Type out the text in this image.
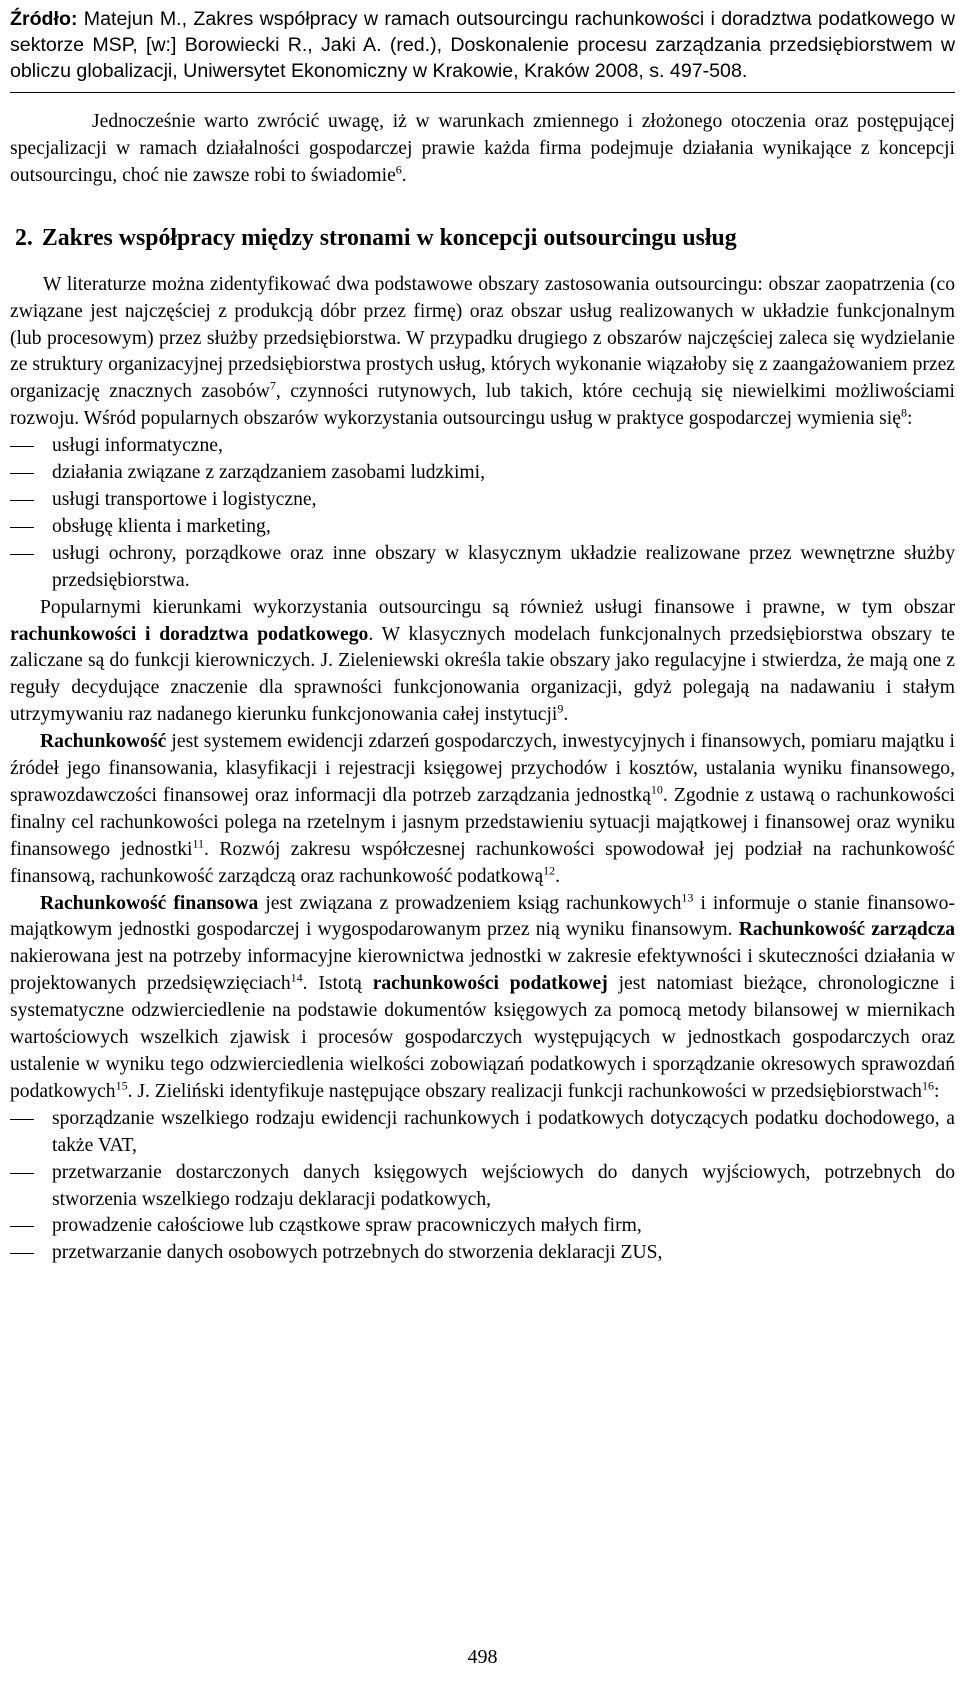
Źródło: Matejun M., Zakres współpracy w ramach outsourcingu rachunkowości i doradztwa podatkowego w sektorze MSP, [w:] Borowiecki R., Jaki A. (red.), Doskonalenie procesu zarządzania przedsiębiorstwem w obliczu globalizacji, Uniwersytet Ekonomiczny w Krakowie, Kraków 2008, s. 497-508.

Jednocześnie warto zwrócić uwagę, iż w warunkach zmiennego i złożonego otoczenia oraz postępującej specjalizacji w ramach działalności gospodarczej prawie każda firma podejmuje działania wynikające z koncepcji outsourcingu, choć nie zawsze robi to świadomie$^6$.

2. Zakres współpracy między stronami w koncepcji outsourcingu usług

W literaturze można zidentyfikować dwa podstawowe obszary zastosowania outsourcingu: obszar zaopatrzenia (co związane jest najczęściej z produkcją dóbr przez firmę) oraz obszar usług realizowanych w układzie funkcjonalnym (lub procesowym) przez służby przedsiębiorstwa. W przypadku drugiego z obszarów najczęściej zaleca się wydzielanie ze struktury organizacyjnej przedsiębiorstwa prostych usług, których wykonanie wiązałoby się z zaangażowaniem przez organizację znacznych zasobów$^7$, czynności rutynowych, lub takich, które cechują się niewielkimi możliwościami rozwoju. Wśród popularnych obszarów wykorzystania outsourcingu usług w praktyce gospodarczej wymienia się$^8$:

usługi informatyczne,
działania związane z zarządzaniem zasobami ludzkimi,
usługi transportowe i logistyczne,
obsługę klienta i marketing,
usługi ochrony, porządkowe oraz inne obszary w klasycznym układzie realizowane przez wewnętrzne służby przedsiębiorstwa.

Popularnymi kierunkami wykorzystania outsourcingu są również usługi finansowe i prawne, w tym obszar rachunkowości i doradztwa podatkowego. W klasycznych modelach funkcjonalnych przedsiębiorstwa obszary te zaliczane są do funkcji kierowniczych. J. Zieleniewski określa takie obszary jako regulacyjne i stwierdza, że mają one z reguły decydujące znaczenie dla sprawności funkcjonowania organizacji, gdyż polegają na nadawaniu i stałym utrzymywaniu raz nadanego kierunku funkcjonowania całej instytucji$^9$.

Rachunkowość jest systemem ewidencji zdarzeń gospodarczych, inwestycyjnych i finansowych, pomiaru majątku i źródeł jego finansowania, klasyfikacji i rejestracji księgowej przychodów i kosztów, ustalania wyniku finansowego, sprawozdawczości finansowej oraz informacji dla potrzeb zarządzania jednostką$^{10}$. Zgodnie z ustawą o rachunkowości finalny cel rachunkowości polega na rzetelnym i jasnym przedstawieniu sytuacji majątkowej i finansowej oraz wyniku finansowego jednostki$^{11}$. Rozwój zakresu współczesnej rachunkowości spowodował jej podział na rachunkowość finansową, rachunkowość zarządczą oraz rachunkowość podatkową$^{12}$.

Rachunkowość finansowa jest związana z prowadzeniem ksiąg rachunkowych$^{13}$ i informuje o stanie finansowo-majątkowym jednostki gospodarczej i wygospodarowanym przez nią wyniku finansowym. Rachunkowość zarządcza nakierowana jest na potrzeby informacyjne kierownictwa jednostki w zakresie efektywności i skuteczności działania w projektowanych przedsięwzięciach$^{14}$. Istotą rachunkowości podatkowej jest natomiast bieżące, chronologiczne i systematyczne odzwierciedlenie na podstawie dokumentów księgowych za pomocą metody bilansowej w miernikach wartościowych wszelkich zjawisk i procesów gospodarczych występujących w jednostkach gospodarczych oraz ustalenie w wyniku tego odzwierciedlenia wielkości zobowiązań podatkowych i sporządzanie okresowych sprawozdań podatkowych$^{15}$. J. Zieliński identyfikuje następujące obszary realizacji funkcji rachunkowości w przedsiębiorstwach$^{16}$:

sporządzanie wszelkiego rodzaju ewidencji rachunkowych i podatkowych dotyczących podatku dochodowego, a także VAT,
przetwarzanie dostarczonych danych księgowych wejściowych do danych wyjściowych, potrzebnych do stworzenia wszelkiego rodzaju deklaracji podatkowych,
prowadzenie całościowe lub cząstkowe spraw pracowniczych małych firm,
przetwarzanie danych osobowych potrzebnych do stworzenia deklaracji ZUS,
498
